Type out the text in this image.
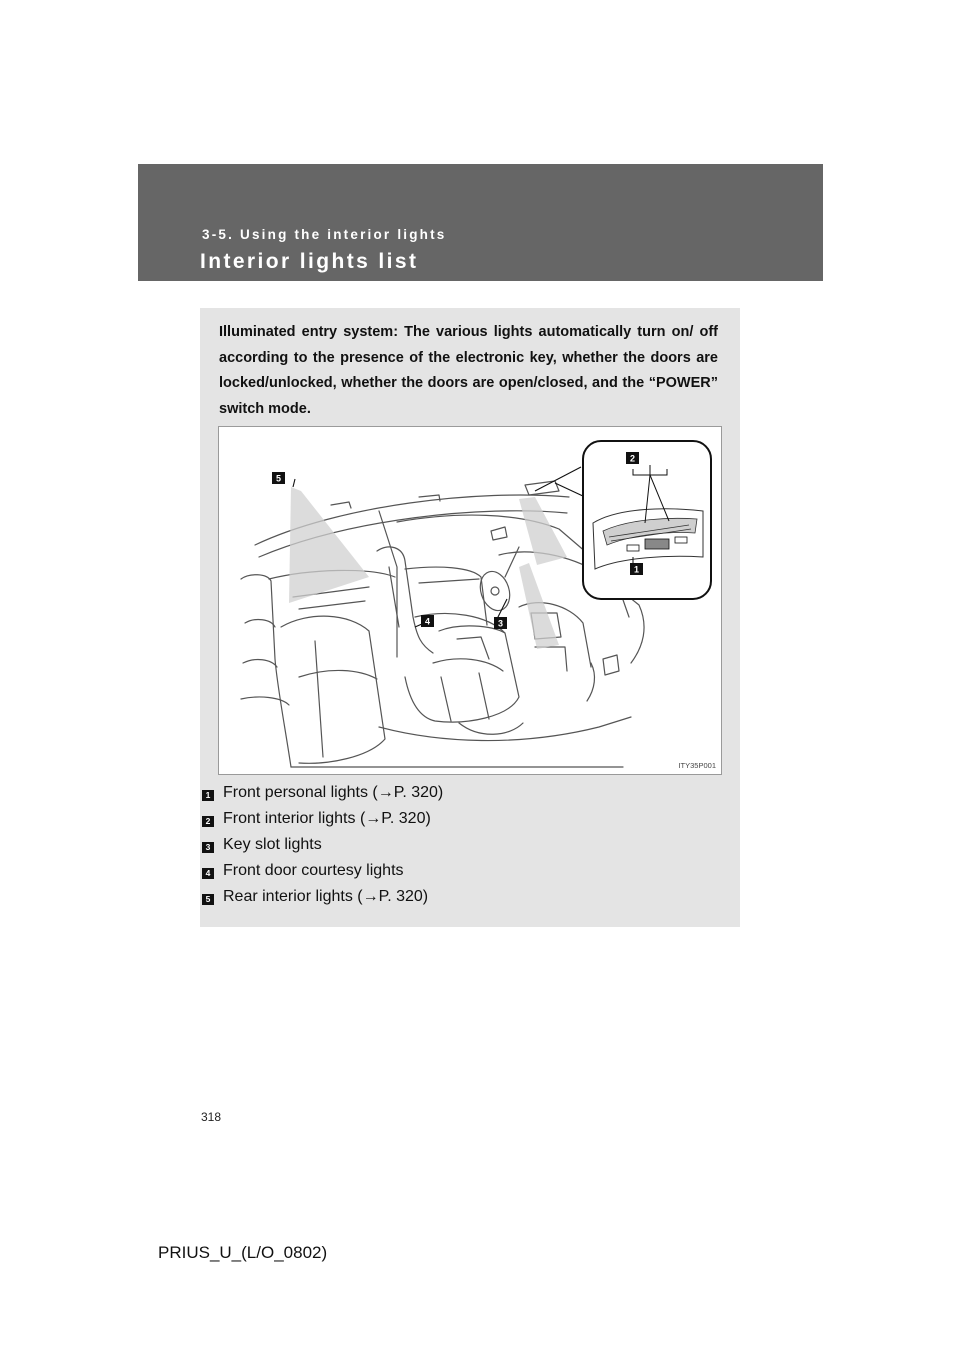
3-5. Using the interior lights
Interior lights list

Illuminated entry system: The various lights automatically turn on/ off according to the presence of the electronic key, whether the doors are locked/unlocked, whether the doors are open/closed, and the “POWER” switch mode.

5
2
1
3
4
ITY35P001
1 Front personal lights (→P. 320)
2 Front interior lights (→P. 320)
3 Key slot lights
4 Front door courtesy lights
5 Rear interior lights (→P. 320)
318
PRIUS_U_(L/O_0802)
